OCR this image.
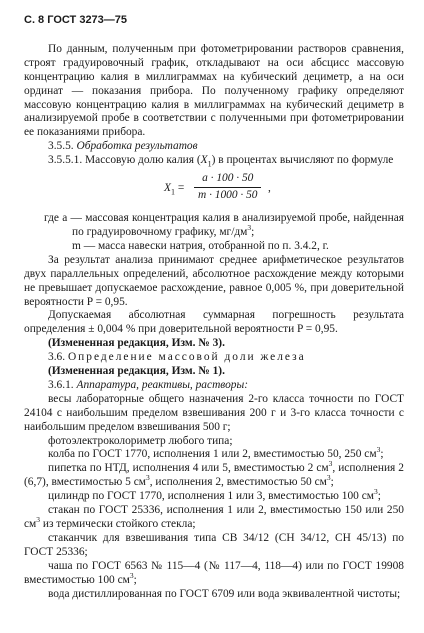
С. 8 ГОСТ 3273—75

По данным, полученным при фотометрировании растворов сравнения, строят градуировочный график, откладывают на оси абсцисс массовую концентрацию калия в миллиграммах на кубический дециметр, а на оси ординат — показания прибора. По полученному графику определяют массовую концентрацию калия в миллиграммах на кубический дециметр в анализируемой пробе в соответствии с полученными при фотометрировании ее показаниями прибора.

3.5.5. Обработка результатов

3.5.5.1. Массовую долю калия $(X_1)$ в процентах вычисляют по формуле

$X_1 = \frac{a \cdot 100 \cdot 50}{m \cdot 1000 \cdot 50}$ ,

где a — массовая концентрация калия в анализируемой пробе, найденная по градуировочному графику, $мг/дм^3$;

m — масса навески натрия, отобранной по п. 3.4.2, г.

За результат анализа принимают среднее арифметическое результатов двух параллельных определений, абсолютное расхождение между которыми не превышает допускаемое расхождение, равное 0,005 %, при доверительной вероятности P = 0,95.

Допускаемая абсолютная суммарная погрешность результата определения ± 0,004 % при доверительной вероятности P = 0,95.

(Измененная редакция, Изм. № 3).

3.6. Определение массовой доли железа

(Измененная редакция, Изм. № 1).

3.6.1. Аппаратура, реактивы, растворы:

весы лабораторные общего назначения 2-го класса точности по ГОСТ 24104 с наибольшим пределом взвешивания 200 г и 3-го класса точности с наибольшим пределом взвешивания 500 г;

фотоэлектроколориметр любого типа;

колба по ГОСТ 1770, исполнения 1 или 2, вместимостью 50, 250 $см^3$;

пипетка по НТД, исполнения 4 или 5, вместимостью 2 $см^3$, исполнения 2 (6,7), вместимостью 5 $см^3$, исполнения 2, вместимостью 50 $см^3$;

цилиндр по ГОСТ 1770, исполнения 1 или 3, вместимостью 100 $см^3$;

стакан по ГОСТ 25336, исполнения 1 или 2, вместимостью 150 или 250 $см^3$ из термически стойкого стекла;

стаканчик для взвешивания типа СВ 34/12 (СН 34/12, СН 45/13) по ГОСТ 25336;

чаша по ГОСТ 6563 № 115—4 (№ 117—4, 118—4) или по ГОСТ 19908 вместимостью 100 $см^3$;

вода дистиллированная по ГОСТ 6709 или вода эквивалентной чистоты;
